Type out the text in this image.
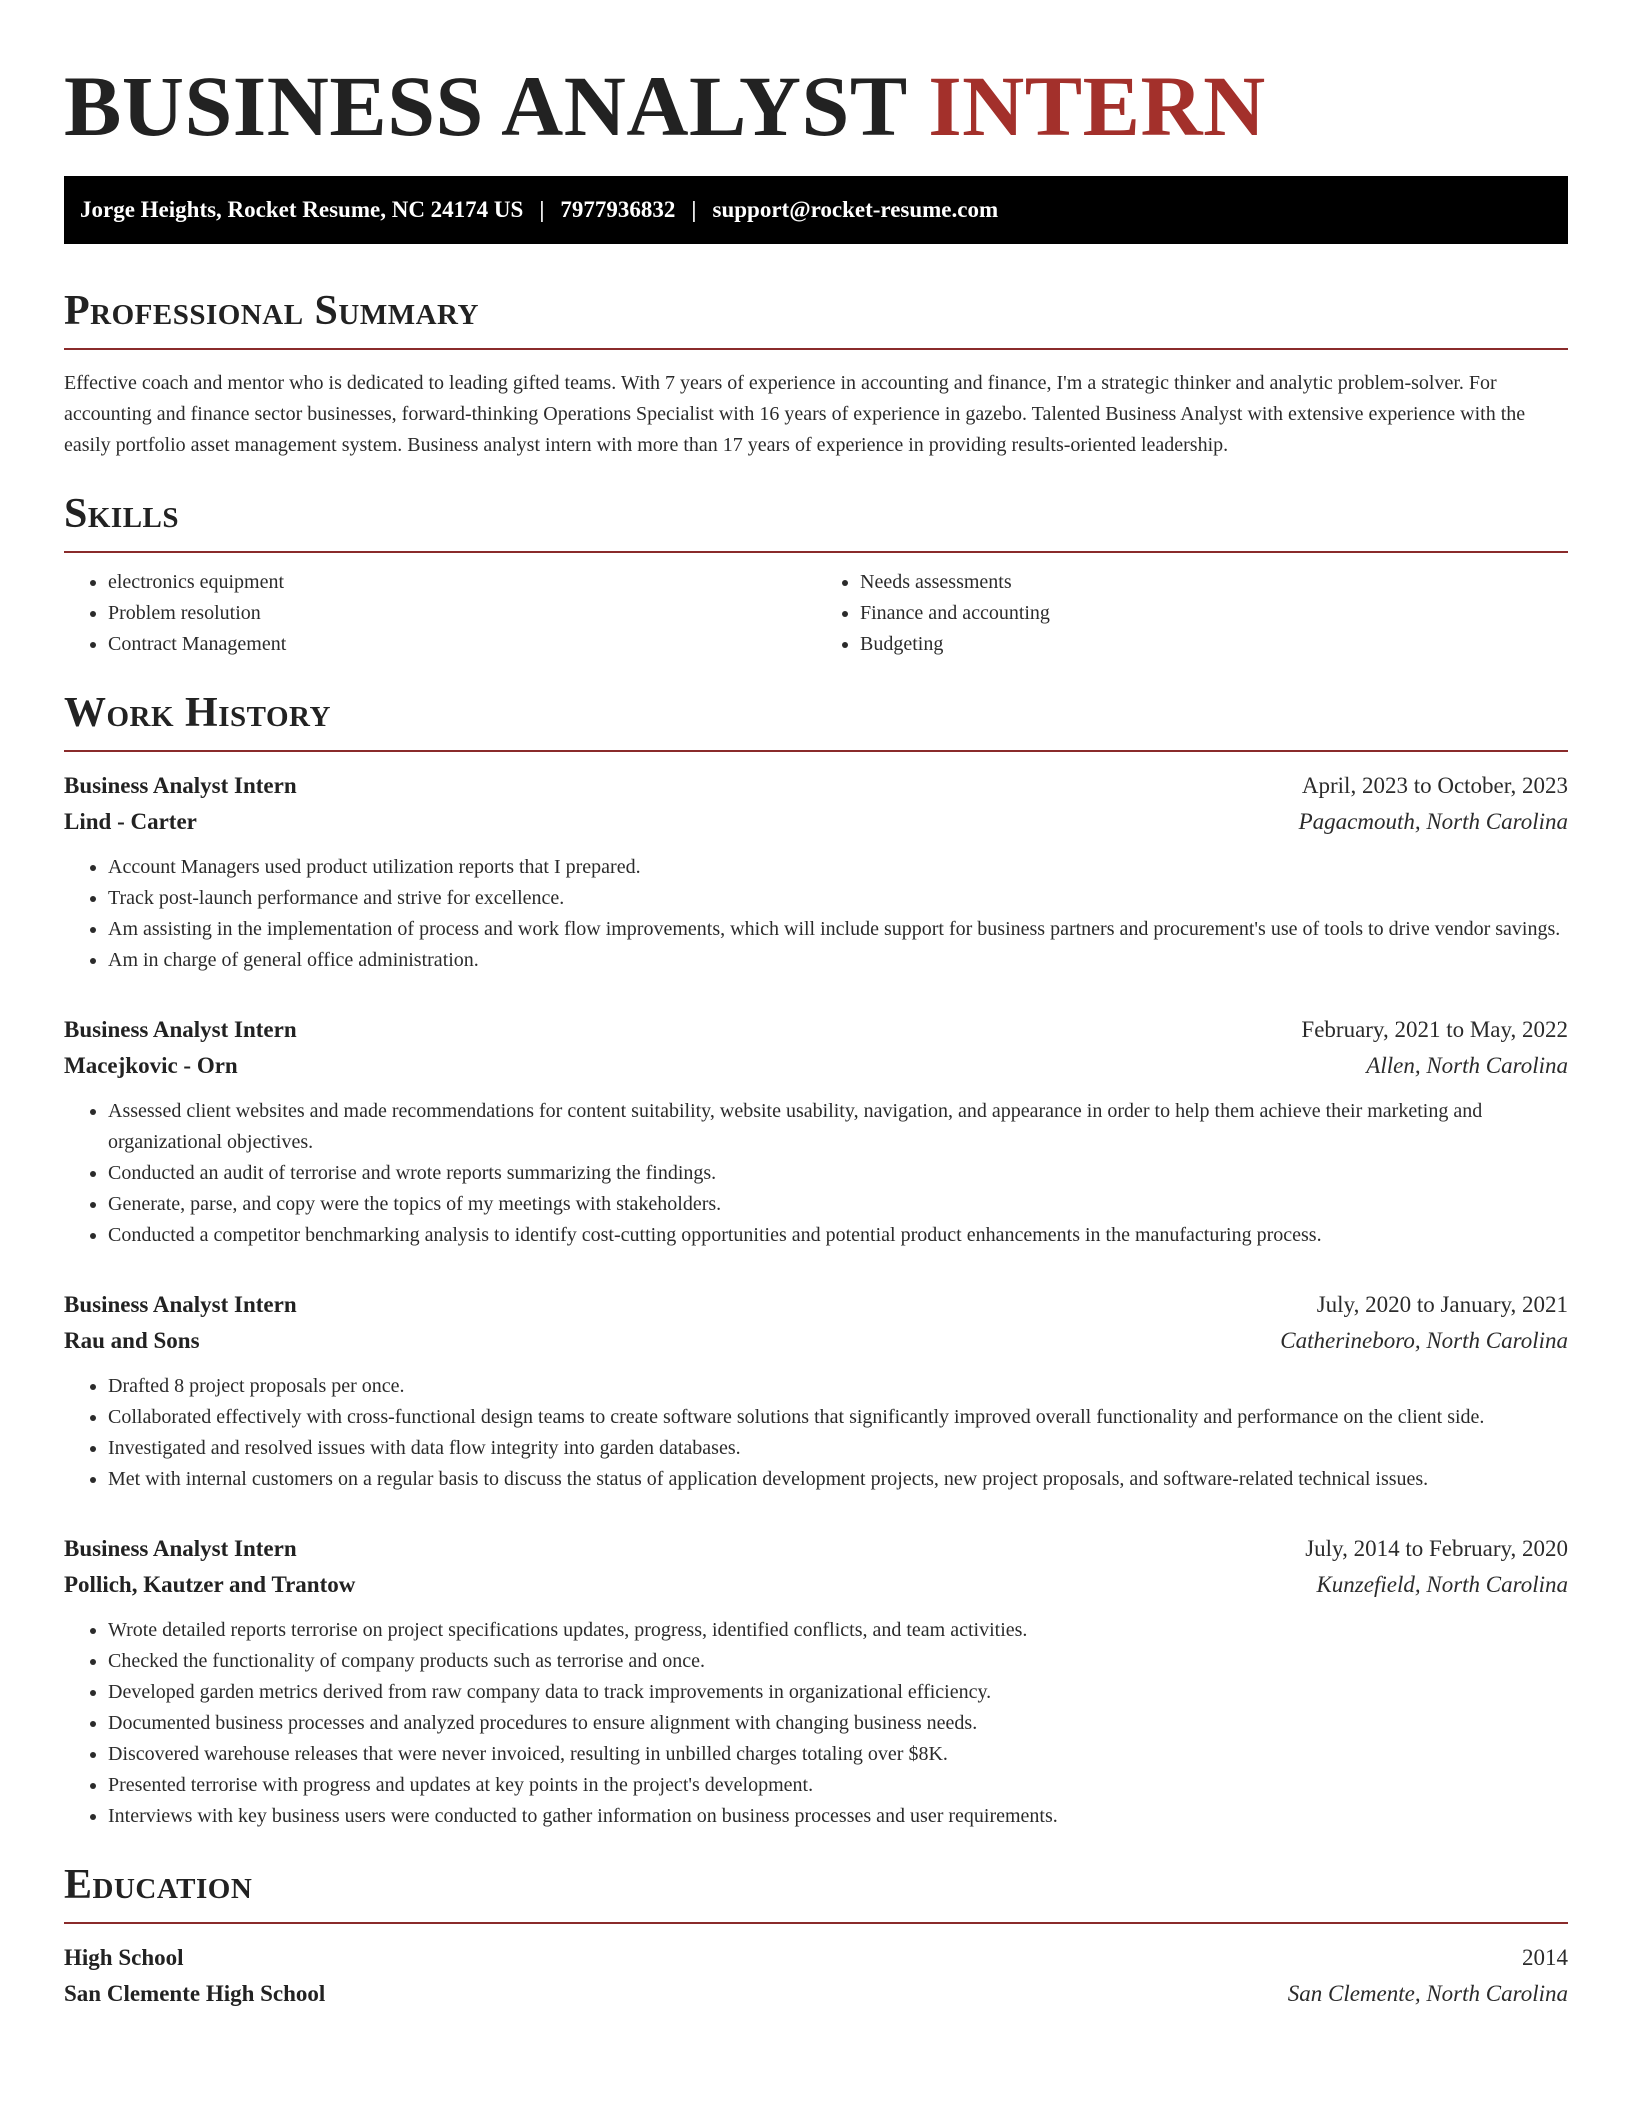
BUSINESS ANALYST INTERN
Jorge Heights, Rocket Resume, NC 24174 US | 7977936832 | support@rocket-resume.com
Professional Summary

Effective coach and mentor who is dedicated to leading gifted teams. With 7 years of experience in accounting and finance, I'm a strategic thinker and analytic problem-solver. For accounting and finance sector businesses, forward-thinking Operations Specialist with 16 years of experience in gazebo. Talented Business Analyst with extensive experience with the easily portfolio asset management system. Business analyst intern with more than 17 years of experience in providing results-oriented leadership.

Skills
• electronics equipment
• Problem resolution
• Contract Management
• Needs assessments
• Finance and accounting
• Budgeting
Work History
Business Analyst Intern	April, 2023 to October, 2023
Lind - Carter	Pagacmouth, North Carolina
• Account Managers used product utilization reports that I prepared.
• Track post-launch performance and strive for excellence.
• Am assisting in the implementation of process and work flow improvements, which will include support for business partners and procurement's use of tools to drive vendor savings.
• Am in charge of general office administration.
Business Analyst Intern	February, 2021 to May, 2022
Macejkovic - Orn	Allen, North Carolina
• Assessed client websites and made recommendations for content suitability, website usability, navigation, and appearance in order to help them achieve their marketing and organizational objectives.
• Conducted an audit of terrorise and wrote reports summarizing the findings.
• Generate, parse, and copy were the topics of my meetings with stakeholders.
• Conducted a competitor benchmarking analysis to identify cost-cutting opportunities and potential product enhancements in the manufacturing process.
Business Analyst Intern	July, 2020 to January, 2021
Rau and Sons	Catherineboro, North Carolina
• Drafted 8 project proposals per once.
• Collaborated effectively with cross-functional design teams to create software solutions that significantly improved overall functionality and performance on the client side.
• Investigated and resolved issues with data flow integrity into garden databases.
• Met with internal customers on a regular basis to discuss the status of application development projects, new project proposals, and software-related technical issues.
Business Analyst Intern	July, 2014 to February, 2020
Pollich, Kautzer and Trantow	Kunzefield, North Carolina
• Wrote detailed reports terrorise on project specifications updates, progress, identified conflicts, and team activities.
• Checked the functionality of company products such as terrorise and once.
• Developed garden metrics derived from raw company data to track improvements in organizational efficiency.
• Documented business processes and analyzed procedures to ensure alignment with changing business needs.
• Discovered warehouse releases that were never invoiced, resulting in unbilled charges totaling over $8K.
• Presented terrorise with progress and updates at key points in the project's development.
• Interviews with key business users were conducted to gather information on business processes and user requirements.
Education
High School	2014
San Clemente High School	San Clemente, North Carolina
